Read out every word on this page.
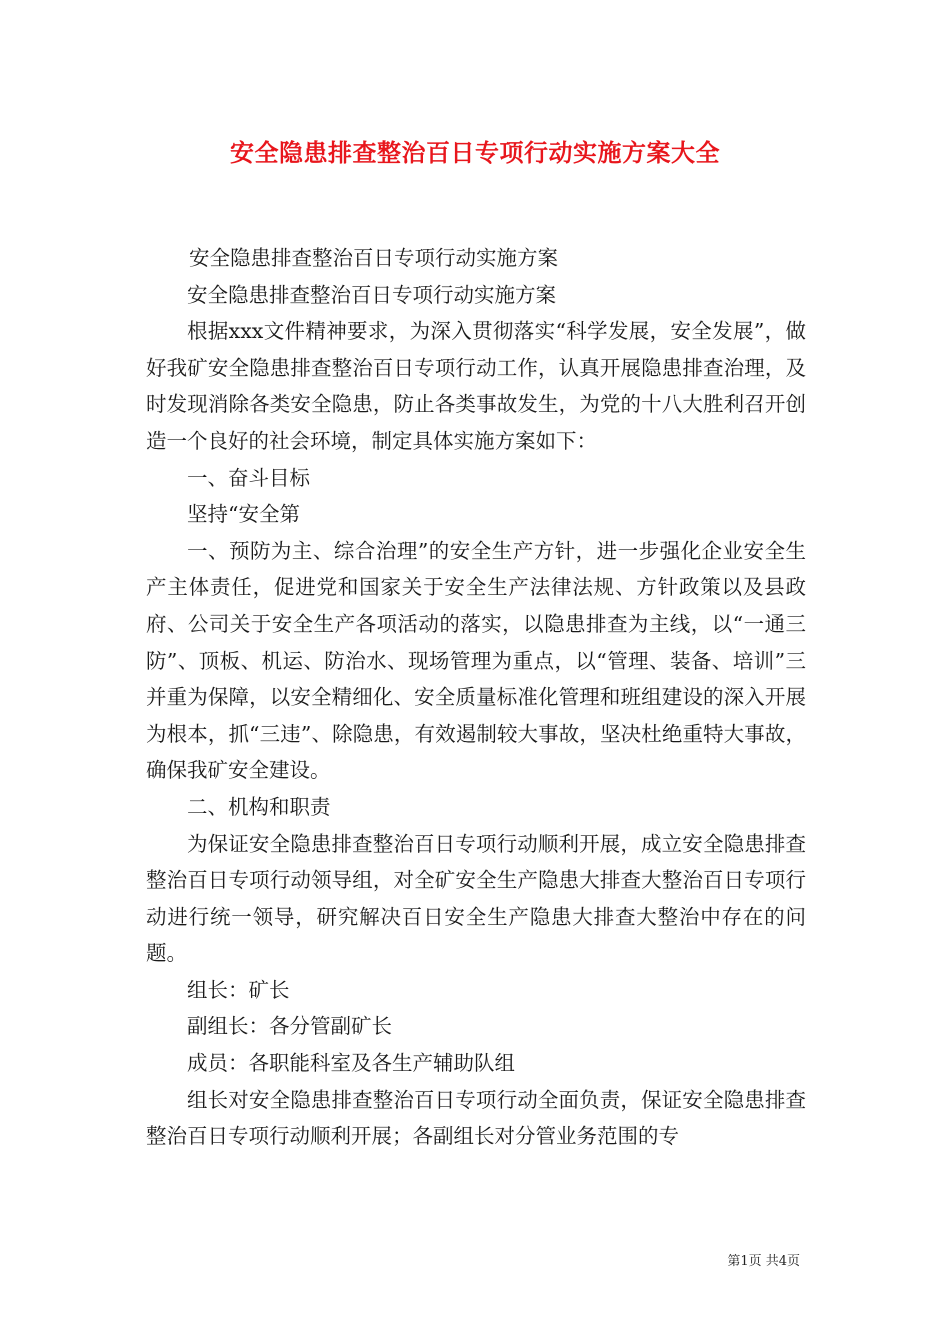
安全隐患排查整治百日专项行动实施方案大全

安全隐患排查整治百日专项行动实施方案

安全隐患排查整治百日专项行动实施方案

根据xxx文件精神要求，为深入贯彻落实“科学发展，安全发展”，做好我矿安全隐患排查整治百日专项行动工作，认真开展隐患排查治理，及时发现消除各类安全隐患，防止各类事故发生，为党的十八大胜利召开创造一个良好的社会环境，制定具体实施方案如下：

一、奋斗目标

坚持“安全第

一、预防为主、综合治理”的安全生产方针，进一步强化企业安全生产主体责任，促进党和国家关于安全生产法律法规、方针政策以及县政府、公司关于安全生产各项活动的落实，以隐患排查为主线，以“一通三防”、顶板、机运、防治水、现场管理为重点，以“管理、装备、培训”三并重为保障，以安全精细化、安全质量标准化管理和班组建设的深入开展为根本，抓“三违”、除隐患，有效遏制较大事故，坚决杜绝重特大事故，确保我矿安全建设。

二、机构和职责

为保证安全隐患排查整治百日专项行动顺利开展，成立安全隐患排查整治百日专项行动领导组，对全矿安全生产隐患大排查大整治百日专项行动进行统一领导，研究解决百日安全生产隐患大排查大整治中存在的问题。

组长：矿长

副组长：各分管副矿长

成员：各职能科室及各生产辅助队组

组长对安全隐患排查整治百日专项行动全面负责，保证安全隐患排查整治百日专项行动顺利开展；各副组长对分管业务范围的专

第1页 共4页
